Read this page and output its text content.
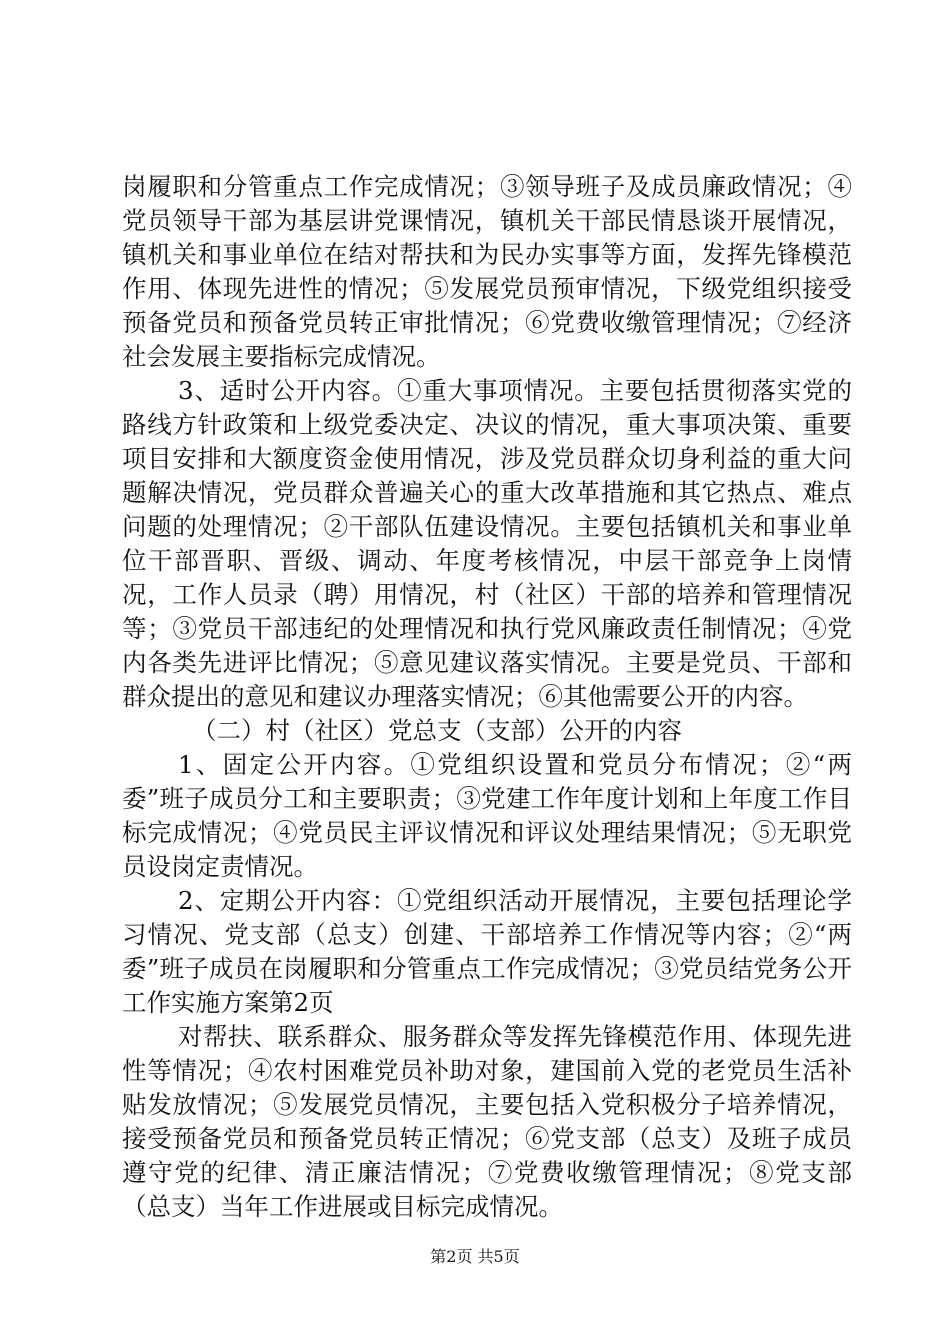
岗履职和分管重点工作完成情况；③领导班子及成员廉政情况；④党员领导干部为基层讲党课情况，镇机关干部民情恳谈开展情况，镇机关和事业单位在结对帮扶和为民办实事等方面，发挥先锋模范作用、体现先进性的情况；⑤发展党员预审情况，下级党组织接受预备党员和预备党员转正审批情况；⑥党费收缴管理情况；⑦经济社会发展主要指标完成情况。

3、适时公开内容。①重大事项情况。主要包括贯彻落实党的路线方针政策和上级党委决定、决议的情况，重大事项决策、重要项目安排和大额度资金使用情况，涉及党员群众切身利益的重大问题解决情况，党员群众普遍关心的重大改革措施和其它热点、难点问题的处理情况；②干部队伍建设情况。主要包括镇机关和事业单位干部晋职、晋级、调动、年度考核情况，中层干部竞争上岗情况，工作人员录（聘）用情况，村（社区）干部的培养和管理情况等；③党员干部违纪的处理情况和执行党风廉政责任制情况；④党内各类先进评比情况；⑤意见建议落实情况。主要是党员、干部和群众提出的意见和建议办理落实情况；⑥其他需要公开的内容。

（二）村（社区）党总支（支部）公开的内容

1、固定公开内容。①党组织设置和党员分布情况；②“两委”班子成员分工和主要职责；③党建工作年度计划和上年度工作目标完成情况；④党员民主评议情况和评议处理结果情况；⑤无职党员设岗定责情况。

2、定期公开内容：①党组织活动开展情况，主要包括理论学习情况、党支部（总支）创建、干部培养工作情况等内容；②“两委”班子成员在岗履职和分管重点工作完成情况；③党员结党务公开工作实施方案第2页

对帮扶、联系群众、服务群众等发挥先锋模范作用、体现先进性等情况；④农村困难党员补助对象，建国前入党的老党员生活补贴发放情况；⑤发展党员情况，主要包括入党积极分子培养情况，接受预备党员和预备党员转正情况；⑥党支部（总支）及班子成员遵守党的纪律、清正廉洁情况；⑦党费收缴管理情况；⑧党支部（总支）当年工作进展或目标完成情况。

第2页 共5页
